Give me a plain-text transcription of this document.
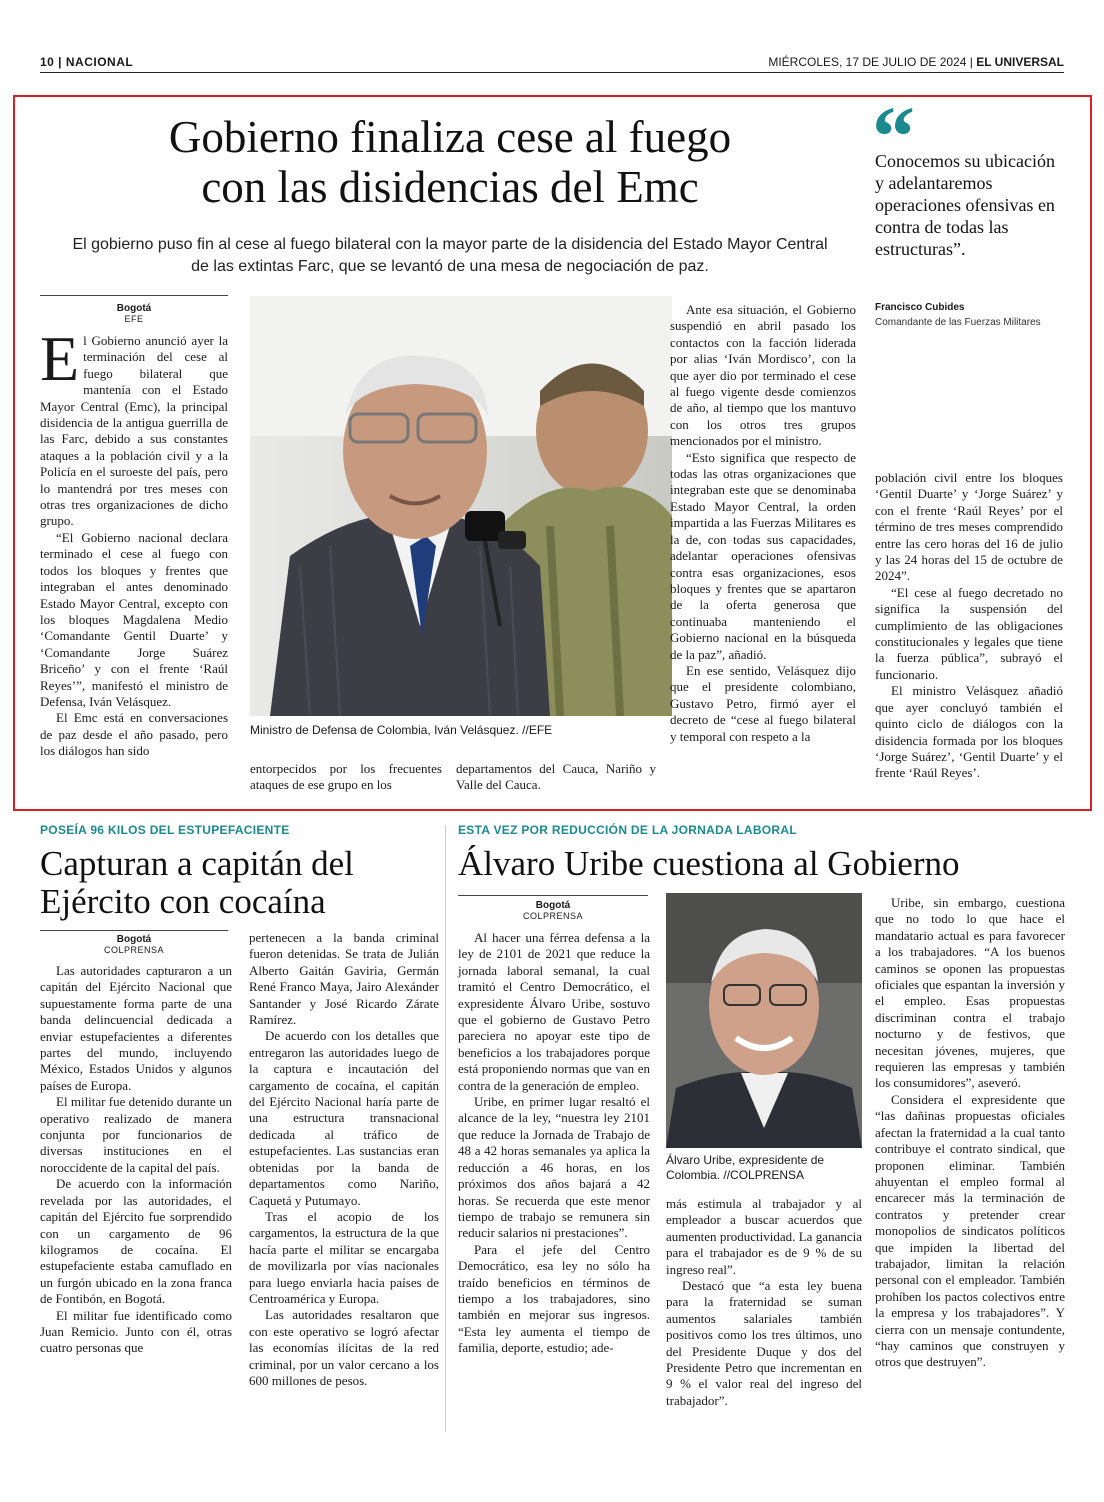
10 | NACIONAL	MIÉRCOLES, 17 DE JULIO DE 2024 | EL UNIVERSAL
Gobierno finaliza cese al fuego
con las disidencias del Emc
El gobierno puso fin al cese al fuego bilateral con la mayor parte de la disidencia del Estado Mayor Central de las extintas Farc, que se levantó de una mesa de negociación de paz.
“
Conocemos su ubicación y adelantaremos operaciones ofensivas en contra de todas las estructuras”.
Francisco Cubides
Comandante de las Fuerzas Militares
Bogotá
EFE

El Gobierno anunció ayer la terminación del cese al fuego bilateral que mantenía con el Estado Mayor Central (Emc), la principal disidencia de la antigua guerrilla de las Farc, debido a sus constantes ataques a la población civil y a la Policía en el suroeste del país, pero lo mantendrá por tres meses con otras tres organizaciones de dicho grupo.

“El Gobierno nacional declara terminado el cese al fuego con todos los bloques y frentes que integraban el antes denominado Estado Mayor Central, excepto con los bloques Magdalena Medio ‘Comandante Gentil Duarte’ y ‘Comandante Jorge Suárez Briceño’ y con el frente ‘Raúl Reyes’”, manifestó el ministro de Defensa, Iván Velásquez.

El Emc está en conversaciones de paz desde el año pasado, pero los diálogos han sido

Ministro de Defensa de Colombia, Iván Velásquez. //EFE

entorpecidos por los frecuentes ataques de ese grupo en los

departamentos del Cauca, Nariño y Valle del Cauca.

Ante esa situación, el Gobierno suspendió en abril pasado los contactos con la facción liderada por alias ‘Iván Mordisco’, con la que ayer dio por terminado el cese al fuego vigente desde comienzos de año, al tiempo que los mantuvo con los otros tres grupos mencionados por el ministro.

“Esto significa que respecto de todas las otras organizaciones que integraban este que se denominaba Estado Mayor Central, la orden impartida a las Fuerzas Militares es la de, con todas sus capacidades, adelantar operaciones ofensivas contra esas organizaciones, esos bloques y frentes que se apartaron de la oferta generosa que continuaba manteniendo el Gobierno nacional en la búsqueda de la paz”, añadió.

En ese sentido, Velásquez dijo que el presidente colombiano, Gustavo Petro, firmó ayer el decreto de “cese al fuego bilateral y temporal con respeto a la

población civil entre los bloques ‘Gentil Duarte’ y ‘Jorge Suárez’ y con el frente ‘Raúl Reyes’ por el término de tres meses comprendido entre las cero horas del 16 de julio y las 24 horas del 15 de octubre de 2024”.

“El cese al fuego decretado no significa la suspensión del cumplimiento de las obligaciones constitucionales y legales que tiene la fuerza pública”, subrayó el funcionario.

El ministro Velásquez añadió que ayer concluyó también el quinto ciclo de diálogos con la disidencia formada por los bloques ‘Jorge Suárez’, ‘Gentil Duarte’ y el frente ‘Raúl Reyes’.

POSEÍA 96 KILOS DEL ESTUPEFACIENTE
Capturan a capitán del
Ejército con cocaína
Bogotá
COLPRENSA

Las autoridades capturaron a un capitán del Ejército Nacional que supuestamente forma parte de una banda delincuencial dedicada a enviar estupefacientes a diferentes partes del mundo, incluyendo México, Estados Unidos y algunos países de Europa.

El militar fue detenido durante un operativo realizado de manera conjunta por funcionarios de diversas instituciones en el noroccidente de la capital del país.

De acuerdo con la información revelada por las autoridades, el capitán del Ejército fue sorprendido con un cargamento de 96 kilogramos de cocaína. El estupefaciente estaba camuflado en un furgón ubicado en la zona franca de Fontibón, en Bogotá.

El militar fue identificado como Juan Remicio. Junto con él, otras cuatro personas que

pertenecen a la banda criminal fueron detenidas. Se trata de Julián Alberto Gaitán Gaviria, Germán René Franco Maya, Jairo Alexánder Santander y José Ricardo Zárate Ramírez.

De acuerdo con los detalles que entregaron las autoridades luego de la captura e incautación del cargamento de cocaína, el capitán del Ejército Nacional haría parte de una estructura transnacional dedicada al tráfico de estupefacientes. Las sustancias eran obtenidas por la banda de departamentos como Nariño, Caquetá y Putumayo.

Tras el acopio de los cargamentos, la estructura de la que hacía parte el militar se encargaba de movilizarla por vías nacionales para luego enviarla hacia países de Centroamérica y Europa.

Las autoridades resaltaron que con este operativo se logró afectar las economías ilícitas de la red criminal, por un valor cercano a los 600 millones de pesos.

ESTA VEZ POR REDUCCIÓN DE LA JORNADA LABORAL
Álvaro Uribe cuestiona al Gobierno
Bogotá
COLPRENSA

Al hacer una férrea defensa a la ley de 2101 de 2021 que reduce la jornada laboral semanal, la cual tramitó el Centro Democrático, el expresidente Álvaro Uribe, sostuvo que el gobierno de Gustavo Petro pareciera no apoyar este tipo de beneficios a los trabajadores porque está proponiendo normas que van en contra de la generación de empleo.

Uribe, en primer lugar resaltó el alcance de la ley, “nuestra ley 2101 que reduce la Jornada de Trabajo de 48 a 42 horas semanales ya aplica la reducción a 46 horas, en los próximos dos años bajará a 42 horas. Se recuerda que este menor tiempo de trabajo se remunera sin reducir salarios ni prestaciones”.

Para el jefe del Centro Democrático, esa ley no sólo ha traído beneficios en términos de tiempo a los trabajadores, sino también en mejorar sus ingresos. “Esta ley aumenta el tiempo de familia, deporte, estudio; ade-

Álvaro Uribe, expresidente de Colombia. //COLPRENSA

más estimula al trabajador y al empleador a buscar acuerdos que aumenten productividad. La ganancia para el trabajador es de 9 % de su ingreso real”.

Destacó que “a esta ley buena para la fraternidad se suman aumentos salariales también positivos como los tres últimos, uno del Presidente Duque y dos del Presidente Petro que incrementan en 9 % el valor real del ingreso del trabajador”.

Uribe, sin embargo, cuestiona que no todo lo que hace el mandatario actual es para favorecer a los trabajadores. “A los buenos caminos se oponen las propuestas oficiales que espantan la inversión y el empleo. Esas propuestas discriminan contra el trabajo nocturno y de festivos, que necesitan jóvenes, mujeres, que requieren las empresas y también los consumidores”, aseveró.

Considera el expresidente que “las dañinas propuestas oficiales afectan la fraternidad a la cual tanto contribuye el contrato sindical, que proponen eliminar. También ahuyentan el empleo formal al encarecer más la terminación de contratos y pretender crear monopolios de sindicatos políticos que impiden la libertad del trabajador, limitan la relación personal con el empleador. También prohíben los pactos colectivos entre la empresa y los trabajadores”. Y cierra con un mensaje contundente, “hay caminos que construyen y otros que destruyen”.
